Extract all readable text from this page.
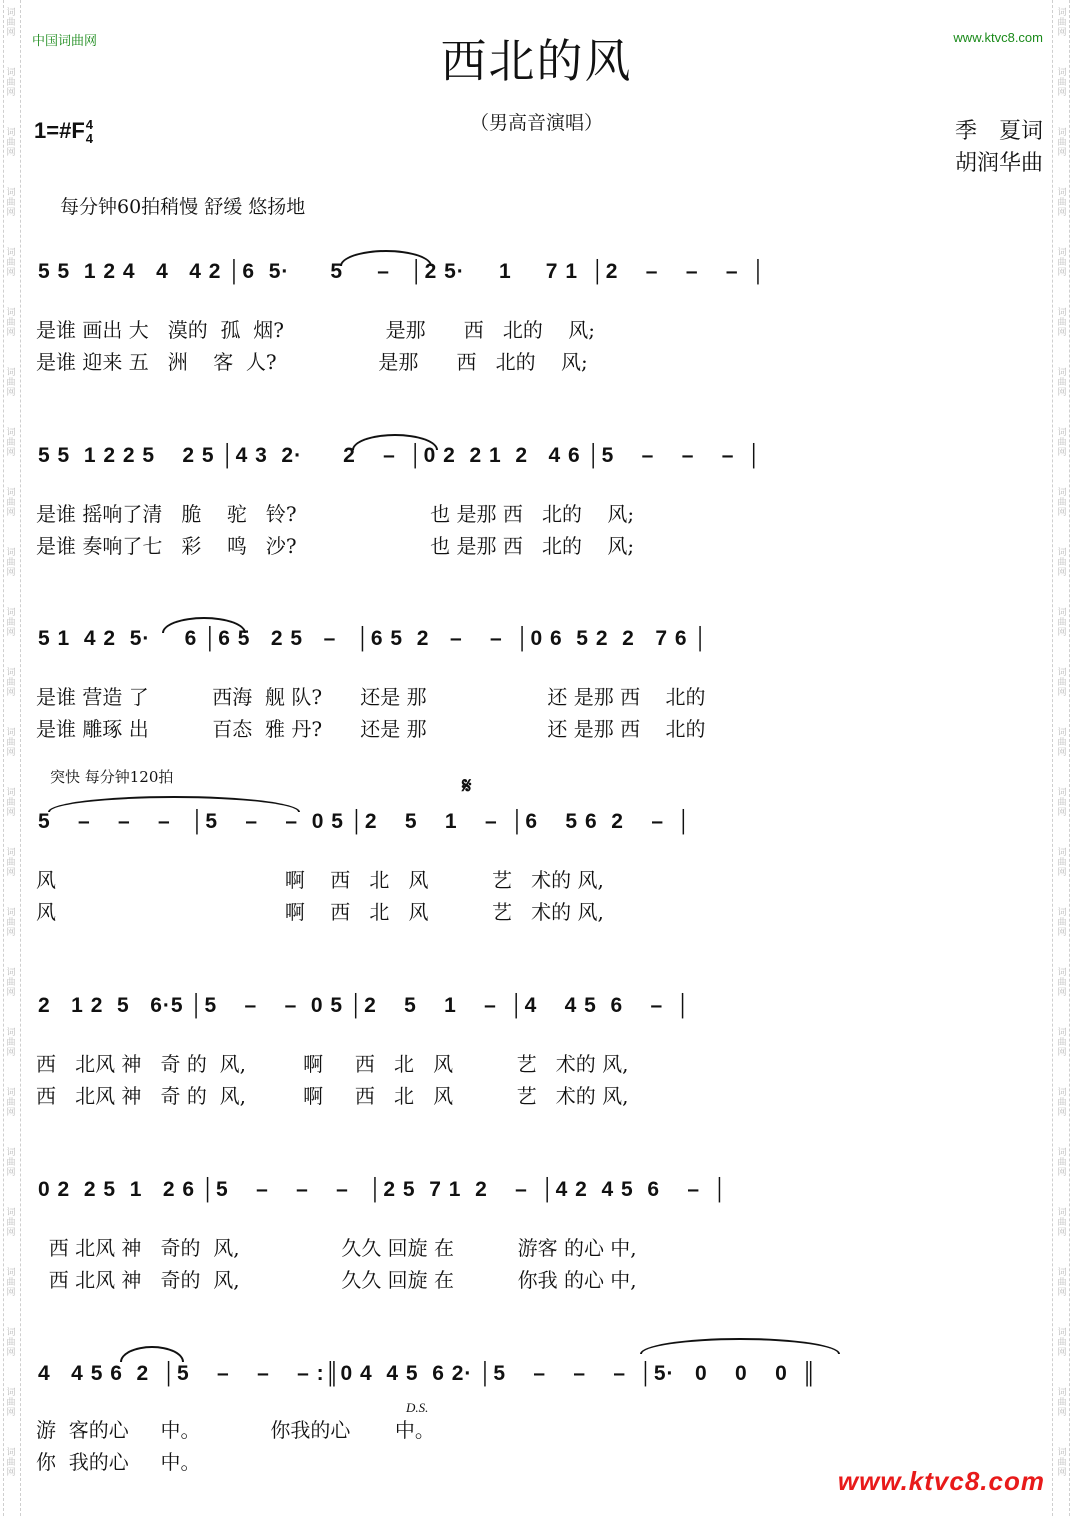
词
曲
网
词
曲
网
词
曲
网
词
曲
网
词
曲
网
词
曲
网
词
曲
网
词
曲
网
词
曲
网
词
曲
网
词
曲
网
词
曲
网
词
曲
网
词
曲
网
词
曲
网
词
曲
网
词
曲
网
词
曲
网
词
曲
网
词
曲
网
词
曲
网
词
曲
网
词
曲
网
词
曲
网
词
曲
网
词
曲
网
词
曲
网
词
曲
网
词
曲
网
词
曲
网
词
曲
网
词
曲
网
词
曲
网
词
曲
网
词
曲
网
词
曲
网
词
曲
网
词
曲
网
词
曲
网
词
曲
网
词
曲
网
词
曲
网
词
曲
网
词
曲
网
词
曲
网
词
曲
网
词
曲
网
词
曲
网
词
曲
网
词
曲
网
中国词曲网	www.ktvc8.com
西北的风
（男高音演唱）
1=#F4
4	季　夏词
胡润华曲
每分钟60拍稍慢 舒缓 悠扬地
5 5  1 2 4   4   4 2 │6  5·      5     –   │2 5·     1     7 1  │2    –    –    –  │
是谁 画出 大   漠的  孤  烟?                是那      西   北的    风;
是谁 迎来 五   洲    客  人?                是那      西   北的    风;
5 5  1 2 2 5    2 5 │4 3  2·      2    –  │0 2  2 1  2   4 6 │5    –    –    –  │
是谁 摇响了清   脆    驼   铃?                     也 是那 西   北的    风;
是谁 奏响了七   彩    鸣   沙?                     也 是那 西   北的    风;
5 1  4 2  5·     6 │6 5   2 5   –   │6 5  2   –    –  │0 6  5 2  2   7 6 │
是谁 营造 了          西海  舰 队?      还是 那                   还 是那 西    北的
是谁 雕琢 出          百态  雅 丹?      还是 那                   还 是那 西    北的
突快 每分钟120拍	𝄋
5    –    –    –   │5    –    –  0 5 │2    5    1    –  │6    5 6  2    –  │
风                                    啊    西   北   风          艺   术的 风,
风                                    啊    西   北   风          艺   术的 风,
2   1 2  5   6·5 │5    –    –  0 5 │2    5    1    –  │4    4 5  6    –  │
西   北风 神   奇 的  风,         啊     西   北   风          艺   术的 风,
西   北风 神   奇 的  风,         啊     西   北   风          艺   术的 风,
0 2  2 5  1   2 6 │5    –    –    –   │2 5  7 1  2    –  │4 2  4 5  6    –  │
西 北风 神   奇的  风,                久久 回旋 在          游客 的心 中,
西 北风 神   奇的  风,                久久 回旋 在          你我 的心 中,
4   4 5 6  2  │5    –    –    – :║0 4  4 5  6 2· │5    –    –    –  │5·   0    0    0  ║
游  客的心     中。           你我的心       中。
你  我的心     中。
D.S.
www.ktvc8.com
